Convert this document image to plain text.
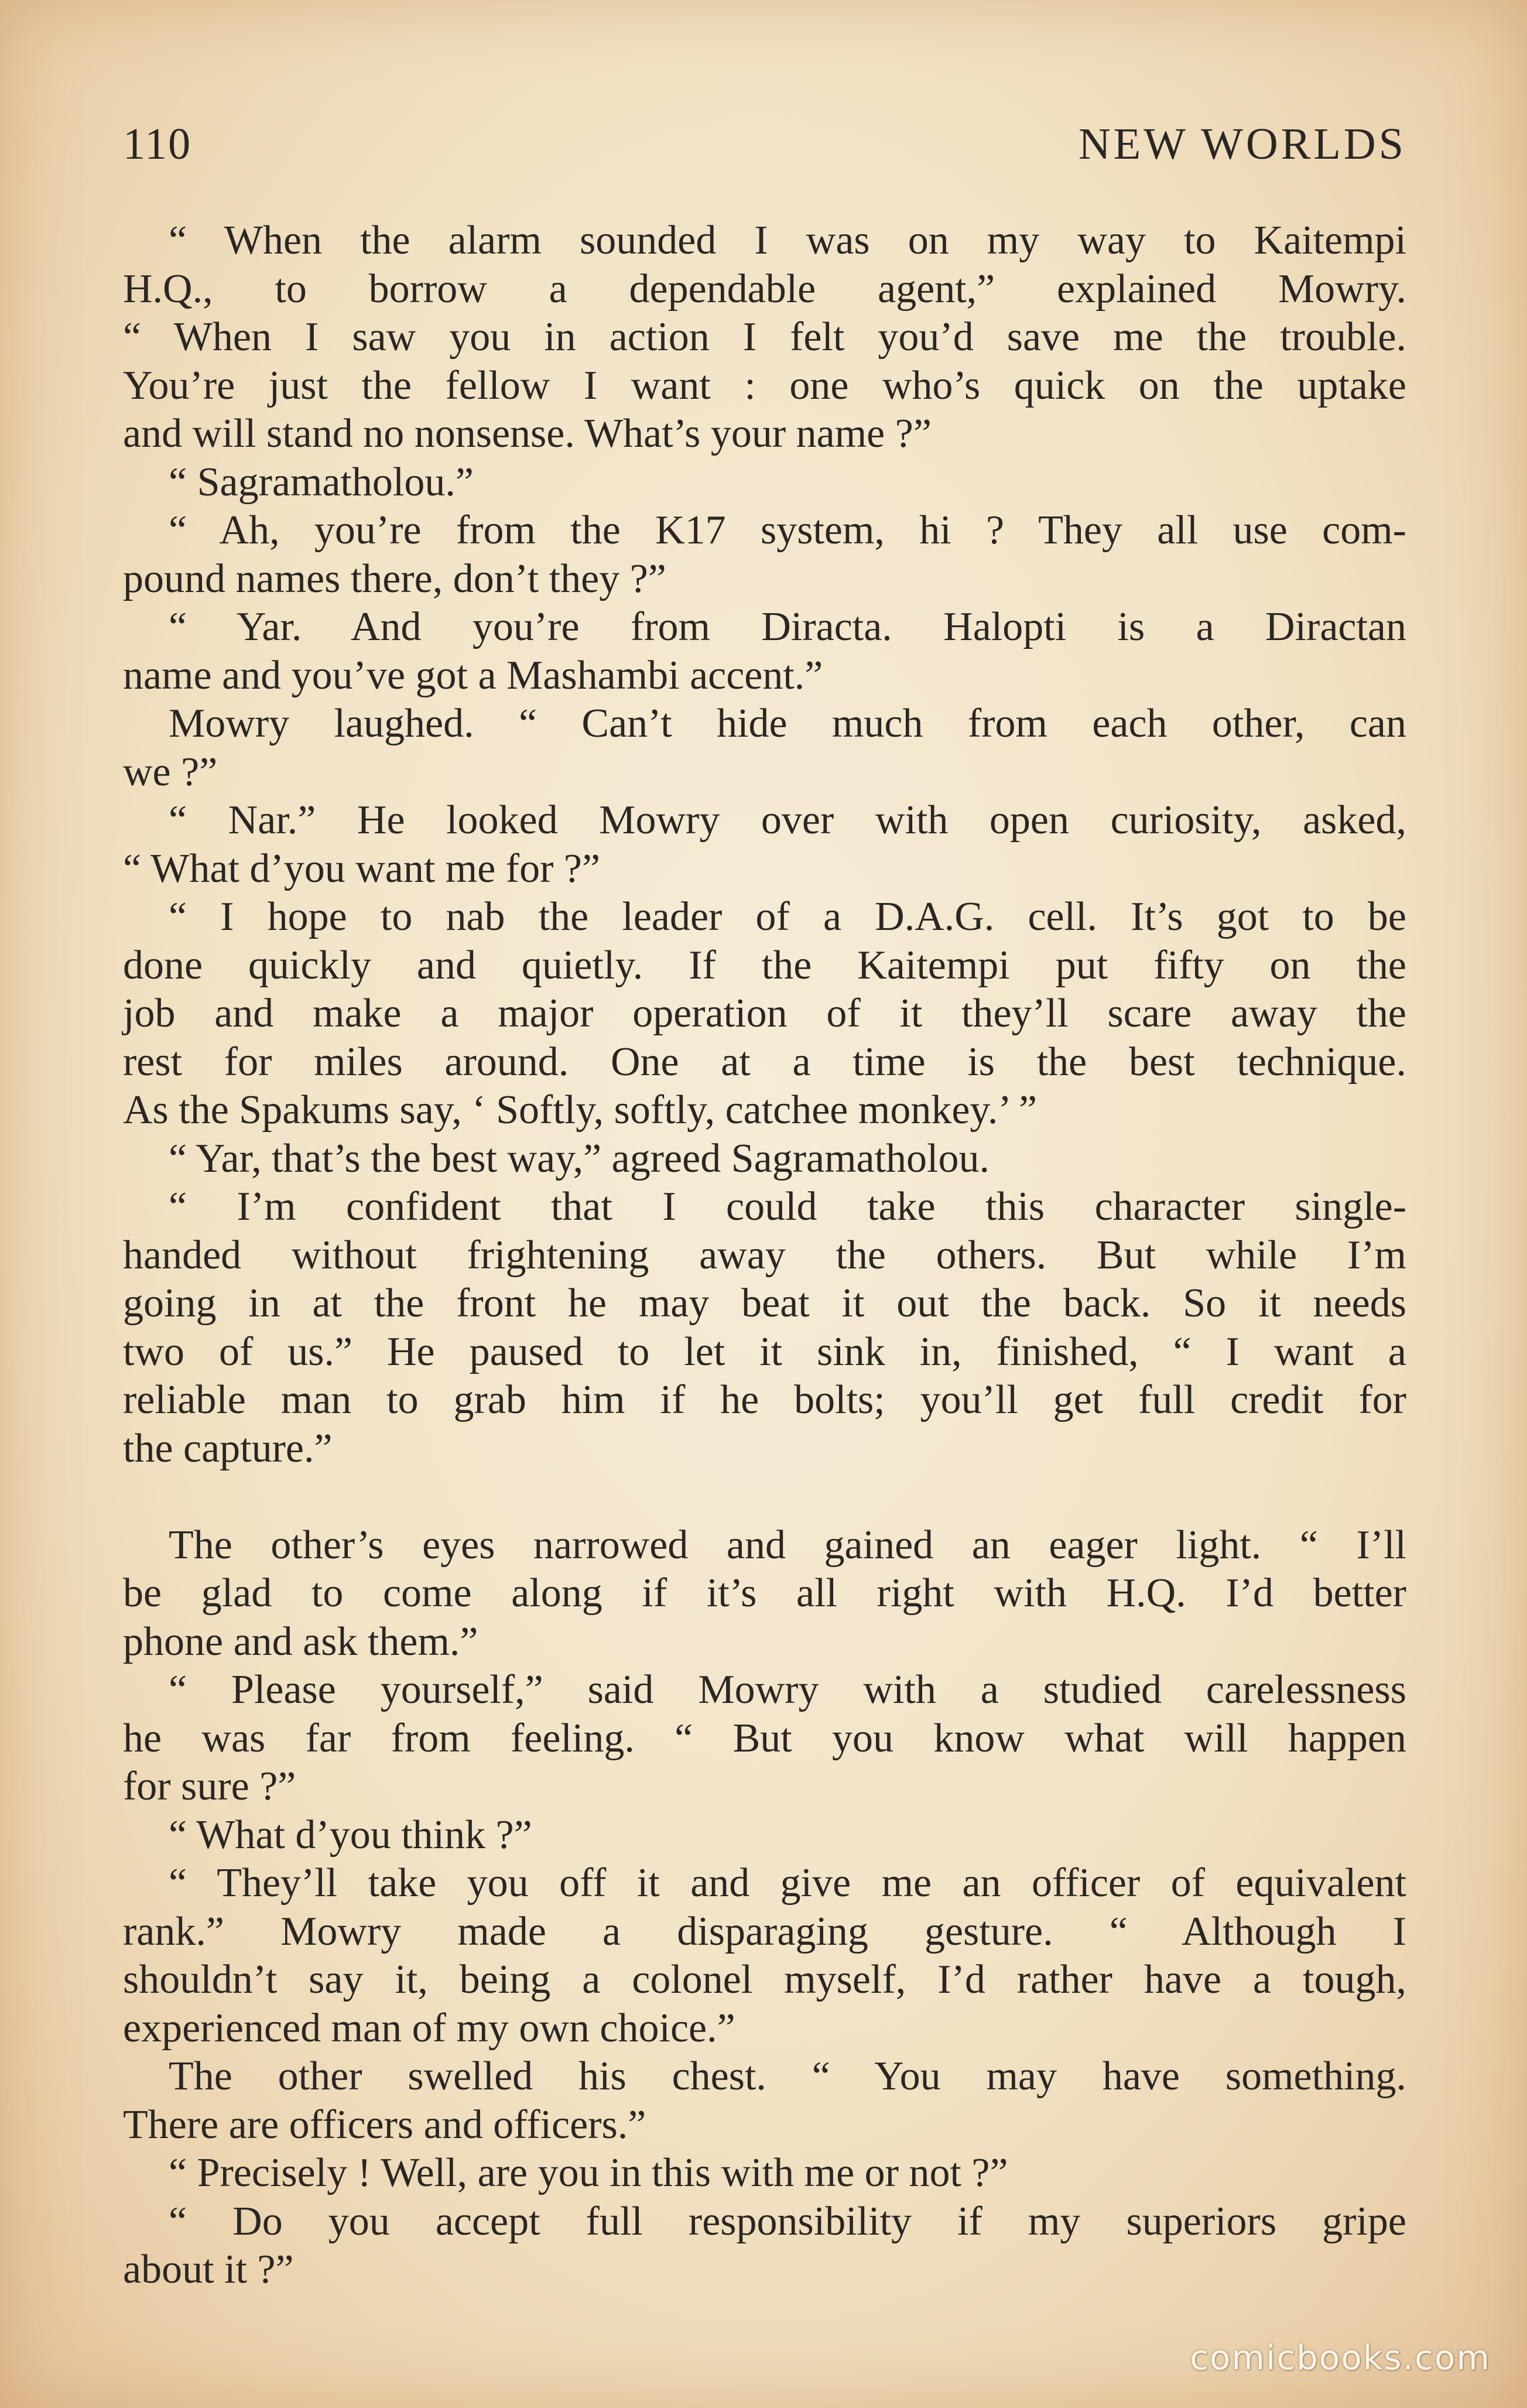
110	NEW WORLDS
“ When the alarm sounded I was on my way to Kaitempi
H.Q., to borrow a dependable agent,” explained Mowry.
“ When I saw you in action I felt you’d save me the trouble.
You’re just the fellow I want : one who’s quick on the uptake
and will stand no nonsense. What’s your name ?”
“ Sagramatholou.”
“ Ah, you’re from the K17 system, hi ? They all use com-
pound names there, don’t they ?”
“ Yar. And you’re from Diracta. Halopti is a Diractan
name and you’ve got a Mashambi accent.”
Mowry laughed. “ Can’t hide much from each other, can
we ?”
“ Nar.” He looked Mowry over with open curiosity, asked,
“ What d’you want me for ?”
“ I hope to nab the leader of a D.A.G. cell. It’s got to be
done quickly and quietly. If the Kaitempi put fifty on the
job and make a major operation of it they’ll scare away the
rest for miles around. One at a time is the best technique.
As the Spakums say, ‘ Softly, softly, catchee monkey.’ ”
“ Yar, that’s the best way,” agreed Sagramatholou.
“ I’m confident that I could take this character single-
handed without frightening away the others. But while I’m
going in at the front he may beat it out the back. So it needs
two of us.” He paused to let it sink in, finished, “ I want a
reliable man to grab him if he bolts; you’ll get full credit for
the capture.”
The other’s eyes narrowed and gained an eager light. “ I’ll
be glad to come along if it’s all right with H.Q. I’d better
phone and ask them.”
“ Please yourself,” said Mowry with a studied carelessness
he was far from feeling. “ But you know what will happen
for sure ?”
“ What d’you think ?”
“ They’ll take you off it and give me an officer of equivalent
rank.” Mowry made a disparaging gesture. “ Although I
shouldn’t say it, being a colonel myself, I’d rather have a tough,
experienced man of my own choice.”
The other swelled his chest. “ You may have something.
There are officers and officers.”
“ Precisely ! Well, are you in this with me or not ?”
“ Do you accept full responsibility if my superiors gripe
about it ?”
comicbooks.com
